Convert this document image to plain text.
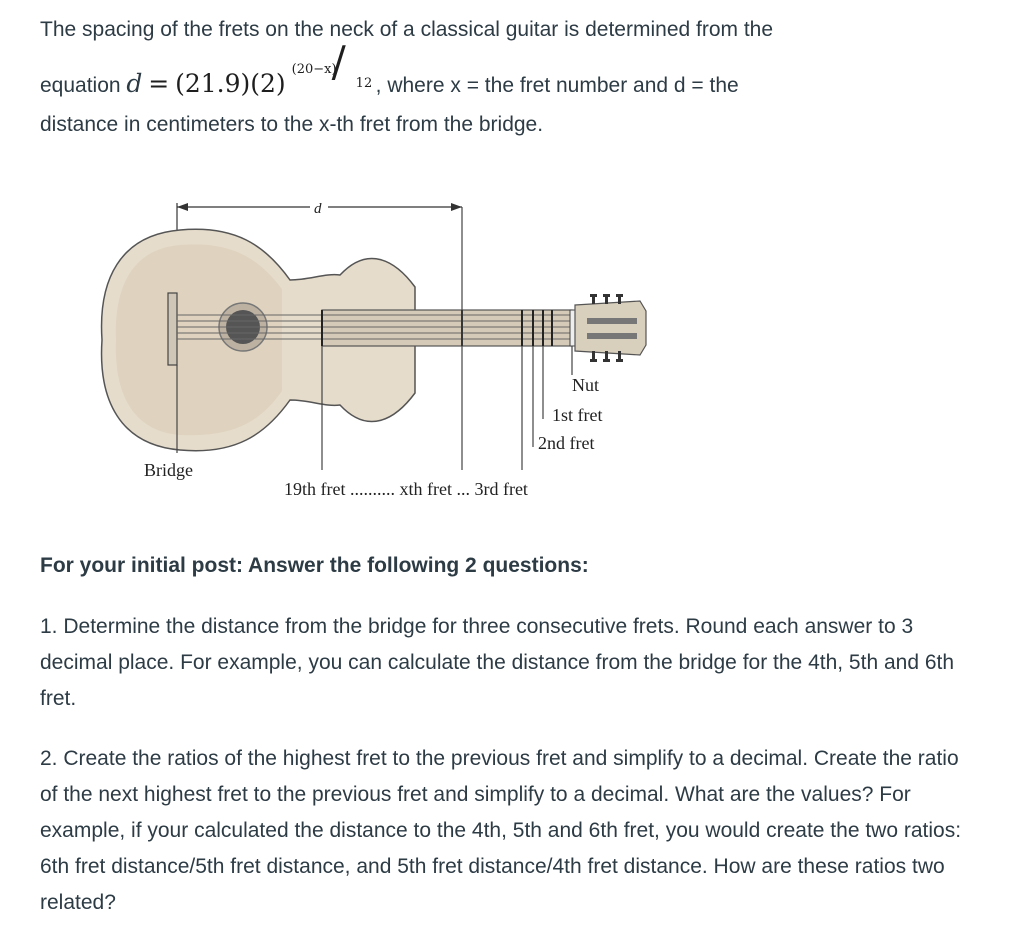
The spacing of the frets on the neck of a classical guitar is determined from the

equation d = (21.9)(2) (20−x)
/ 12 , where x = the fret number and d = the

distance in centimeters to the x-th fret from the bridge.

d
Nut
1st fret
2nd fret
Bridge
19th fret .......... xth fret ... 3rd fret

For your initial post: Answer the following 2 questions:

1. Determine the distance from the bridge for three consecutive frets. Round each answer to 3 decimal place. For example, you can calculate the distance from the bridge for the 4th, 5th and 6th fret.

2. Create the ratios of the highest fret to the previous fret and simplify to a decimal. Create the ratio of the next highest fret to the previous fret and simplify to a decimal. What are the values? For example, if your calculated the distance to the 4th, 5th and 6th fret, you would create the two ratios: 6th fret distance/5th fret distance, and 5th fret distance/4th fret distance. How are these ratios two related?
